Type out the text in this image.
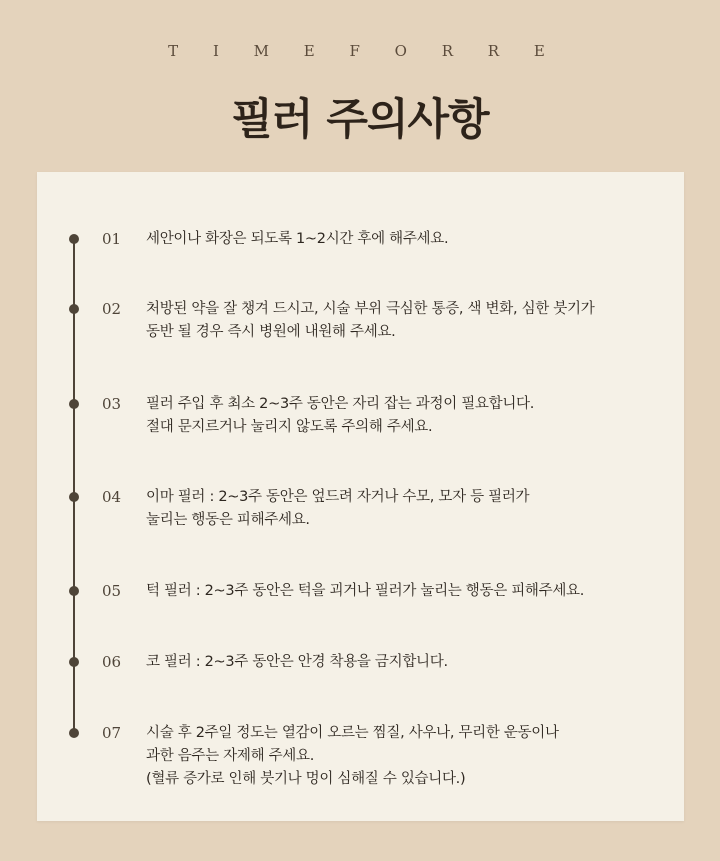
T I M E F O R R E
필러 주의사항
01	세안이나 화장은 되도록 1~2시간 후에 해주세요.
02	처방된 약을 잘 챙겨 드시고, 시술 부위 극심한 통증, 색 변화, 심한 붓기가
동반 될 경우 즉시 병원에 내원해 주세요.
03	필러 주입 후 최소 2~3주 동안은 자리 잡는 과정이 필요합니다.
절대 문지르거나 눌리지 않도록 주의해 주세요.
04	이마 필러 : 2~3주 동안은 엎드려 자거나 수모, 모자 등 필러가
눌리는 행동은 피해주세요.
05	턱 필러 : 2~3주 동안은 턱을 괴거나 필러가 눌리는 행동은 피해주세요.
06	코 필러 : 2~3주 동안은 안경 착용을 금지합니다.
07	시술 후 2주일 정도는 열감이 오르는 찜질, 사우나, 무리한 운동이나
과한 음주는 자제해 주세요.
(혈류 증가로 인해 붓기나 멍이 심해질 수 있습니다.)
